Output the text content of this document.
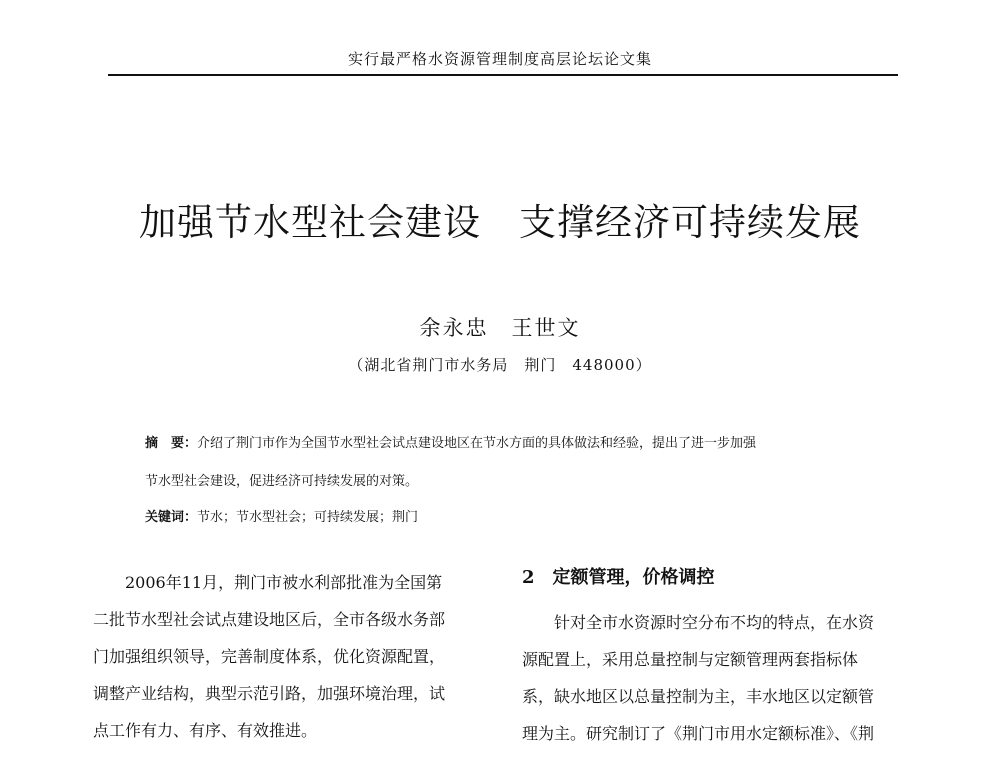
实行最严格水资源管理制度高层论坛论文集
加强节水型社会建设　支撑经济可持续发展
余永忠　王世文
（湖北省荆门市水务局　荆门　448000）
摘　要：介绍了荆门市作为全国节水型社会试点建设地区在节水方面的具体做法和经验，提出了进一步加强
节水型社会建设，促进经济可持续发展的对策。
关键词：节水；节水型社会；可持续发展；荆门

　　2006年11月，荆门市被水利部批准为全国第
二批节水型社会试点建设地区后，全市各级水务部
门加强组织领导，完善制度体系，优化资源配置，
调整产业结构，典型示范引路，加强环境治理，试
点工作有力、有序、有效推进。

2　定额管理，价格调控

　　针对全市水资源时空分布不均的特点，在水资
源配置上，采用总量控制与定额管理两套指标体
系，缺水地区以总量控制为主，丰水地区以定额管
理为主。研究制订了《荆门市用水定额标准》、《荆
